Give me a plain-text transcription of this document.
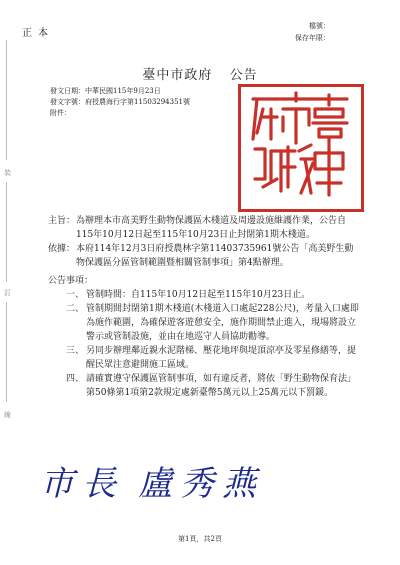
正本
檔號：
保存年限：
臺中市政府 公告
發文日期：中華民國115年9月23日
發文字號：府授農海行字第11503294351號
附件：
裝
訂
線
主旨： 為辦理本市高美野生動物保護區木棧道及周邊設施維護作業，公告自115年10月12日起至115年10月23日止封閉第1期木棧道。
依據： 本府114年12月3日府授農林字第11403735961號公告「高美野生動物保護區分區管制範圍暨相關管制事項」第4點辦理。
公告事項：
一、 管制時間：自115年10月12日起至115年10月23日止。
二、 管制期間封閉第1期木棧道(木棧道入口處起228公尺)，考量入口處即為施作範圍，為確保遊客遊憩安全，施作期間禁止進入，現場將設立警示或管制設施，並由在地巡守人員協助勸導。
三、 另同步辦理鄰近親水泥階梯、壓花地坪與堤頂涼亭及零星修繕等，提醒民眾注意避開施工區域。
四、 請確實遵守保護區管制事項，如有違反者，將依「野生動物保育法」第50條第1項第2款規定處新臺幣5萬元以上25萬元以下罰鍰。
市長 盧秀燕
第1頁，共2頁
